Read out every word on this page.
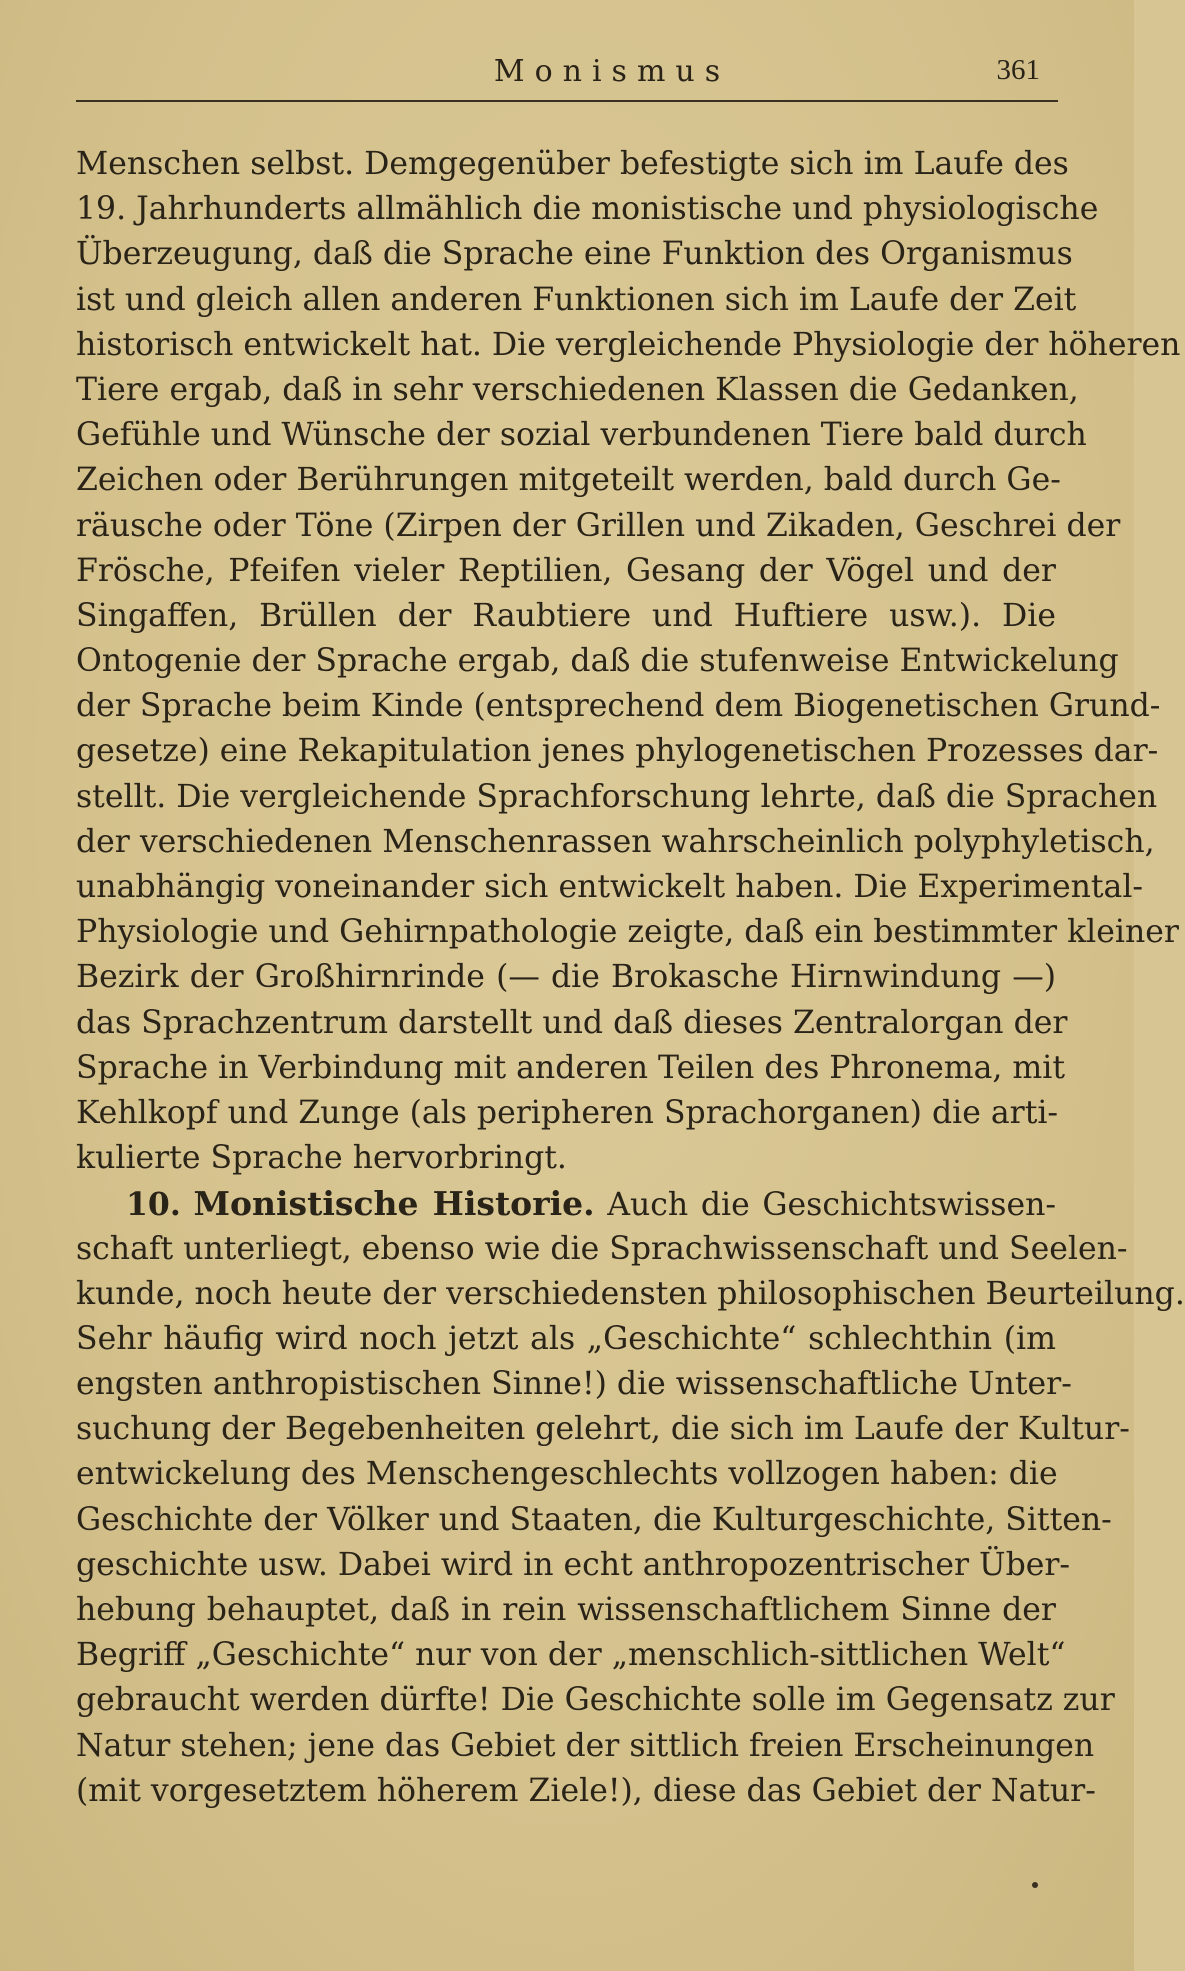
Monismus	361
Menschen selbst. Demgegenüber befestigte sich im Laufe des
19. Jahrhunderts allmählich die monistische und physiologische
Überzeugung, daß die Sprache eine Funktion des Organismus
ist und gleich allen anderen Funktionen sich im Laufe der Zeit
historisch entwickelt hat. Die vergleichende Physiologie der höheren
Tiere ergab, daß in sehr verschiedenen Klassen die Gedanken,
Gefühle und Wünsche der sozial verbundenen Tiere bald durch
Zeichen oder Berührungen mitgeteilt werden, bald durch Ge-
räusche oder Töne (Zirpen der Grillen und Zikaden, Geschrei der
Frösche, Pfeifen vieler Reptilien, Gesang der Vögel und der
Singaffen, Brüllen der Raubtiere und Huftiere usw.). Die
Ontogenie der Sprache ergab, daß die stufenweise Entwickelung
der Sprache beim Kinde (entsprechend dem Biogenetischen Grund-
gesetze) eine Rekapitulation jenes phylogenetischen Prozesses dar-
stellt. Die vergleichende Sprachforschung lehrte, daß die Sprachen
der verschiedenen Menschenrassen wahrscheinlich polyphyletisch,
unabhängig voneinander sich entwickelt haben. Die Experimental-
Physiologie und Gehirnpathologie zeigte, daß ein bestimmter kleiner
Bezirk der Großhirnrinde (— die Brokasche Hirnwindung —)
das Sprachzentrum darstellt und daß dieses Zentralorgan der
Sprache in Verbindung mit anderen Teilen des Phronema, mit
Kehlkopf und Zunge (als peripheren Sprachorganen) die arti-
kulierte Sprache hervorbringt.
10. Monistische Historie. Auch die Geschichtswissen-
schaft unterliegt, ebenso wie die Sprachwissenschaft und Seelen-
kunde, noch heute der verschiedensten philosophischen Beurteilung.
Sehr häufig wird noch jetzt als „Geschichte“ schlechthin (im
engsten anthropistischen Sinne!) die wissenschaftliche Unter-
suchung der Begebenheiten gelehrt, die sich im Laufe der Kultur-
entwickelung des Menschengeschlechts vollzogen haben: die
Geschichte der Völker und Staaten, die Kulturgeschichte, Sitten-
geschichte usw. Dabei wird in echt anthropozentrischer Über-
hebung behauptet, daß in rein wissenschaftlichem Sinne der
Begriff „Geschichte“ nur von der „menschlich-sittlichen Welt“
gebraucht werden dürfte! Die Geschichte solle im Gegensatz zur
Natur stehen; jene das Gebiet der sittlich freien Erscheinungen
(mit vorgesetztem höherem Ziele!), diese das Gebiet der Natur-
